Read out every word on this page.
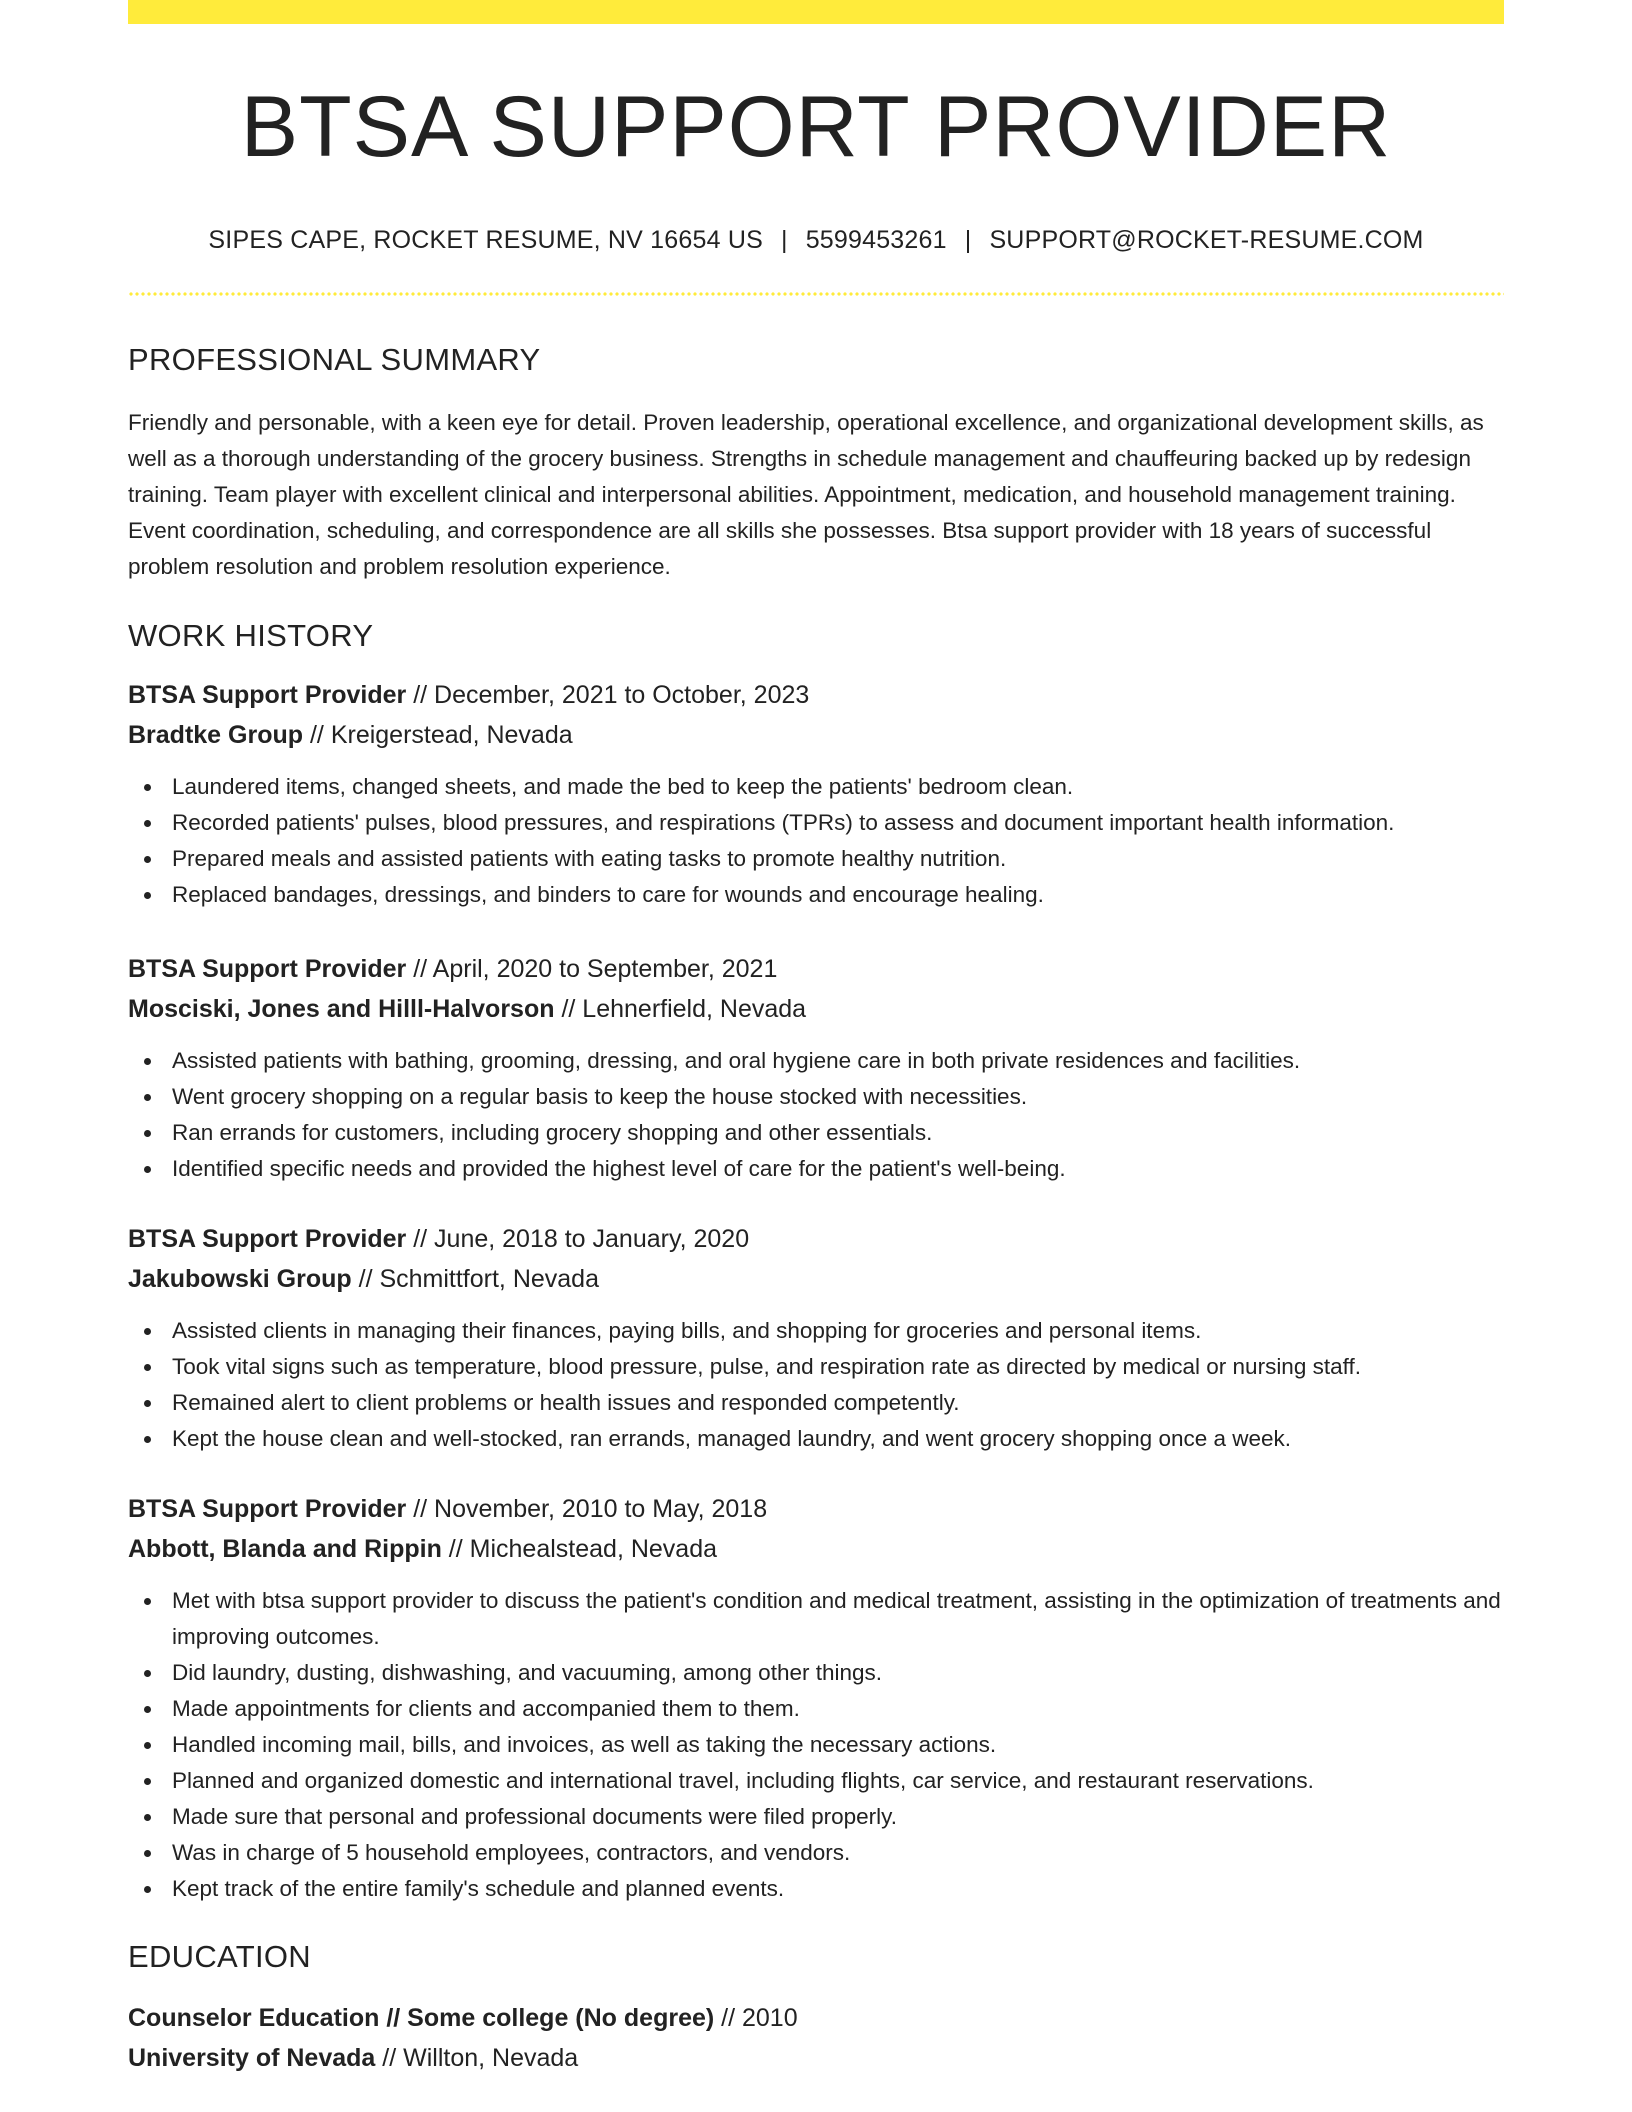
BTSA SUPPORT PROVIDER
SIPES CAPE, ROCKET RESUME, NV 16654 US | 5599453261 | SUPPORT@ROCKET-RESUME.COM
PROFESSIONAL SUMMARY

Friendly and personable, with a keen eye for detail. Proven leadership, operational excellence, and organizational development skills, as well as a thorough understanding of the grocery business. Strengths in schedule management and chauffeuring backed up by redesign training. Team player with excellent clinical and interpersonal abilities. Appointment, medication, and household management training. Event coordination, scheduling, and correspondence are all skills she possesses. Btsa support provider with 18 years of successful problem resolution and problem resolution experience.

WORK HISTORY
BTSA Support Provider // December, 2021 to October, 2023
Bradtke Group // Kreigerstead, Nevada
Laundered items, changed sheets, and made the bed to keep the patients' bedroom clean.
Recorded patients' pulses, blood pressures, and respirations (TPRs) to assess and document important health information.
Prepared meals and assisted patients with eating tasks to promote healthy nutrition.
Replaced bandages, dressings, and binders to care for wounds and encourage healing.
BTSA Support Provider // April, 2020 to September, 2021
Mosciski, Jones and Hilll-Halvorson // Lehnerfield, Nevada
Assisted patients with bathing, grooming, dressing, and oral hygiene care in both private residences and facilities.
Went grocery shopping on a regular basis to keep the house stocked with necessities.
Ran errands for customers, including grocery shopping and other essentials.
Identified specific needs and provided the highest level of care for the patient's well-being.
BTSA Support Provider // June, 2018 to January, 2020
Jakubowski Group // Schmittfort, Nevada
Assisted clients in managing their finances, paying bills, and shopping for groceries and personal items.
Took vital signs such as temperature, blood pressure, pulse, and respiration rate as directed by medical or nursing staff.
Remained alert to client problems or health issues and responded competently.
Kept the house clean and well-stocked, ran errands, managed laundry, and went grocery shopping once a week.
BTSA Support Provider // November, 2010 to May, 2018
Abbott, Blanda and Rippin // Michealstead, Nevada
Met with btsa support provider to discuss the patient's condition and medical treatment, assisting in the optimization of treatments and improving outcomes.
Did laundry, dusting, dishwashing, and vacuuming, among other things.
Made appointments for clients and accompanied them to them.
Handled incoming mail, bills, and invoices, as well as taking the necessary actions.
Planned and organized domestic and international travel, including flights, car service, and restaurant reservations.
Made sure that personal and professional documents were filed properly.
Was in charge of 5 household employees, contractors, and vendors.
Kept track of the entire family's schedule and planned events.
EDUCATION
Counselor Education // Some college (No degree) // 2010
University of Nevada // Willton, Nevada
